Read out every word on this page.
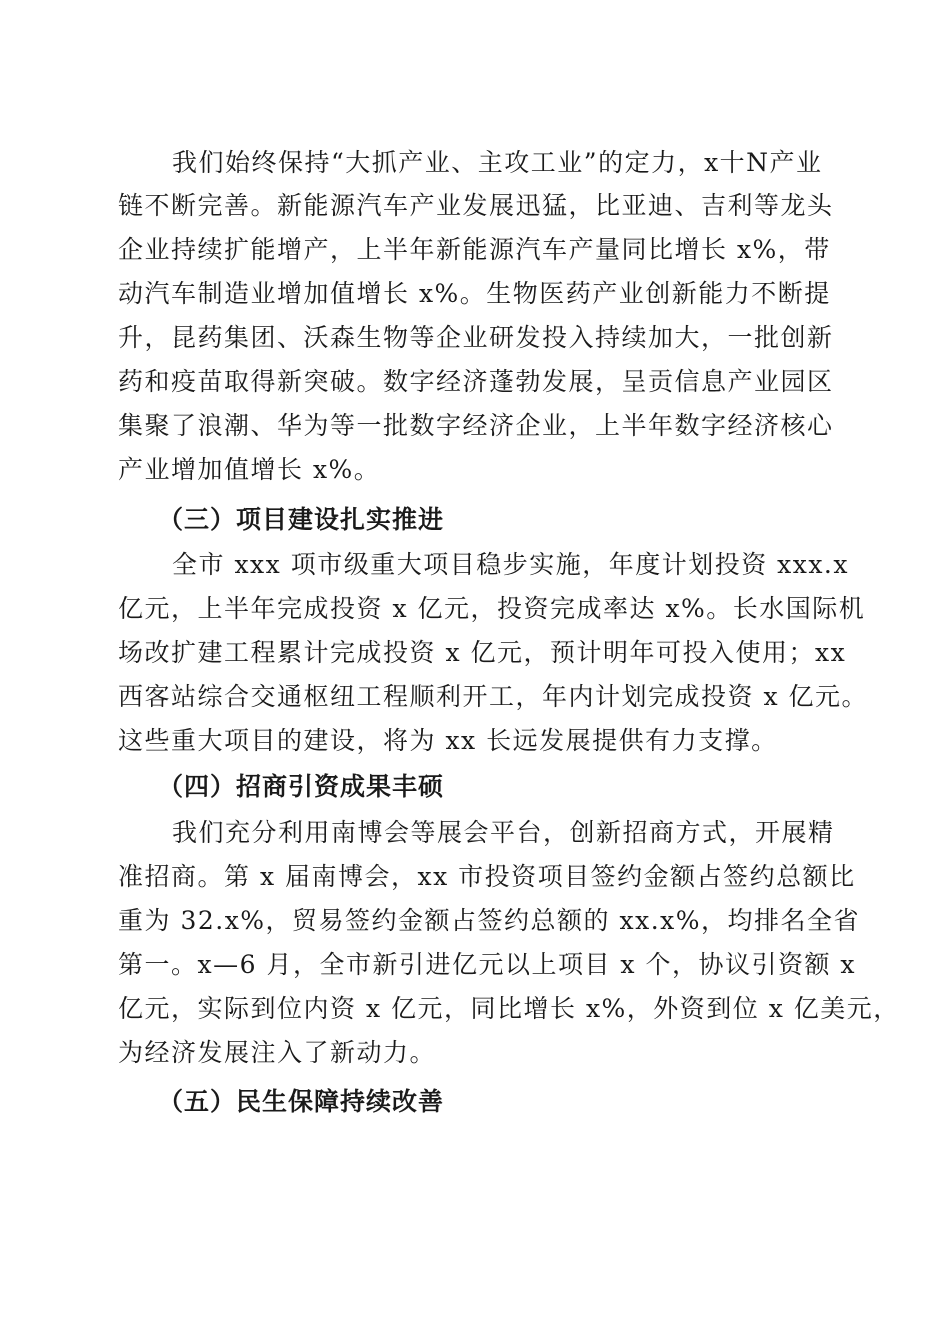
我们始终保持“大抓产业、主攻工业”的定力，x十N产业
链不断完善。新能源汽车产业发展迅猛，比亚迪、吉利等龙头
企业持续扩能增产，上半年新能源汽车产量同比增长 x%，带
动汽车制造业增加值增长 x%。生物医药产业创新能力不断提
升，昆药集团、沃森生物等企业研发投入持续加大，一批创新
药和疫苗取得新突破。数字经济蓬勃发展，呈贡信息产业园区
集聚了浪潮、华为等一批数字经济企业，上半年数字经济核心
产业增加值增长 x%。
（三）项目建设扎实推进
全市 xxx 项市级重大项目稳步实施，年度计划投资 xxx.x
亿元，上半年完成投资 x 亿元，投资完成率达 x%。长水国际机
场改扩建工程累计完成投资 x 亿元，预计明年可投入使用；xx
西客站综合交通枢纽工程顺利开工，年内计划完成投资 x 亿元。
这些重大项目的建设，将为 xx 长远发展提供有力支撑。
（四）招商引资成果丰硕
我们充分利用南博会等展会平台，创新招商方式，开展精
准招商。第 x 届南博会，xx 市投资项目签约金额占签约总额比
重为 32.x%，贸易签约金额占签约总额的 xx.x%，均排名全省
第一。x—6 月，全市新引进亿元以上项目 x 个，协议引资额 x
亿元，实际到位内资 x 亿元，同比增长 x%，外资到位 x 亿美元，
为经济发展注入了新动力。
（五）民生保障持续改善
